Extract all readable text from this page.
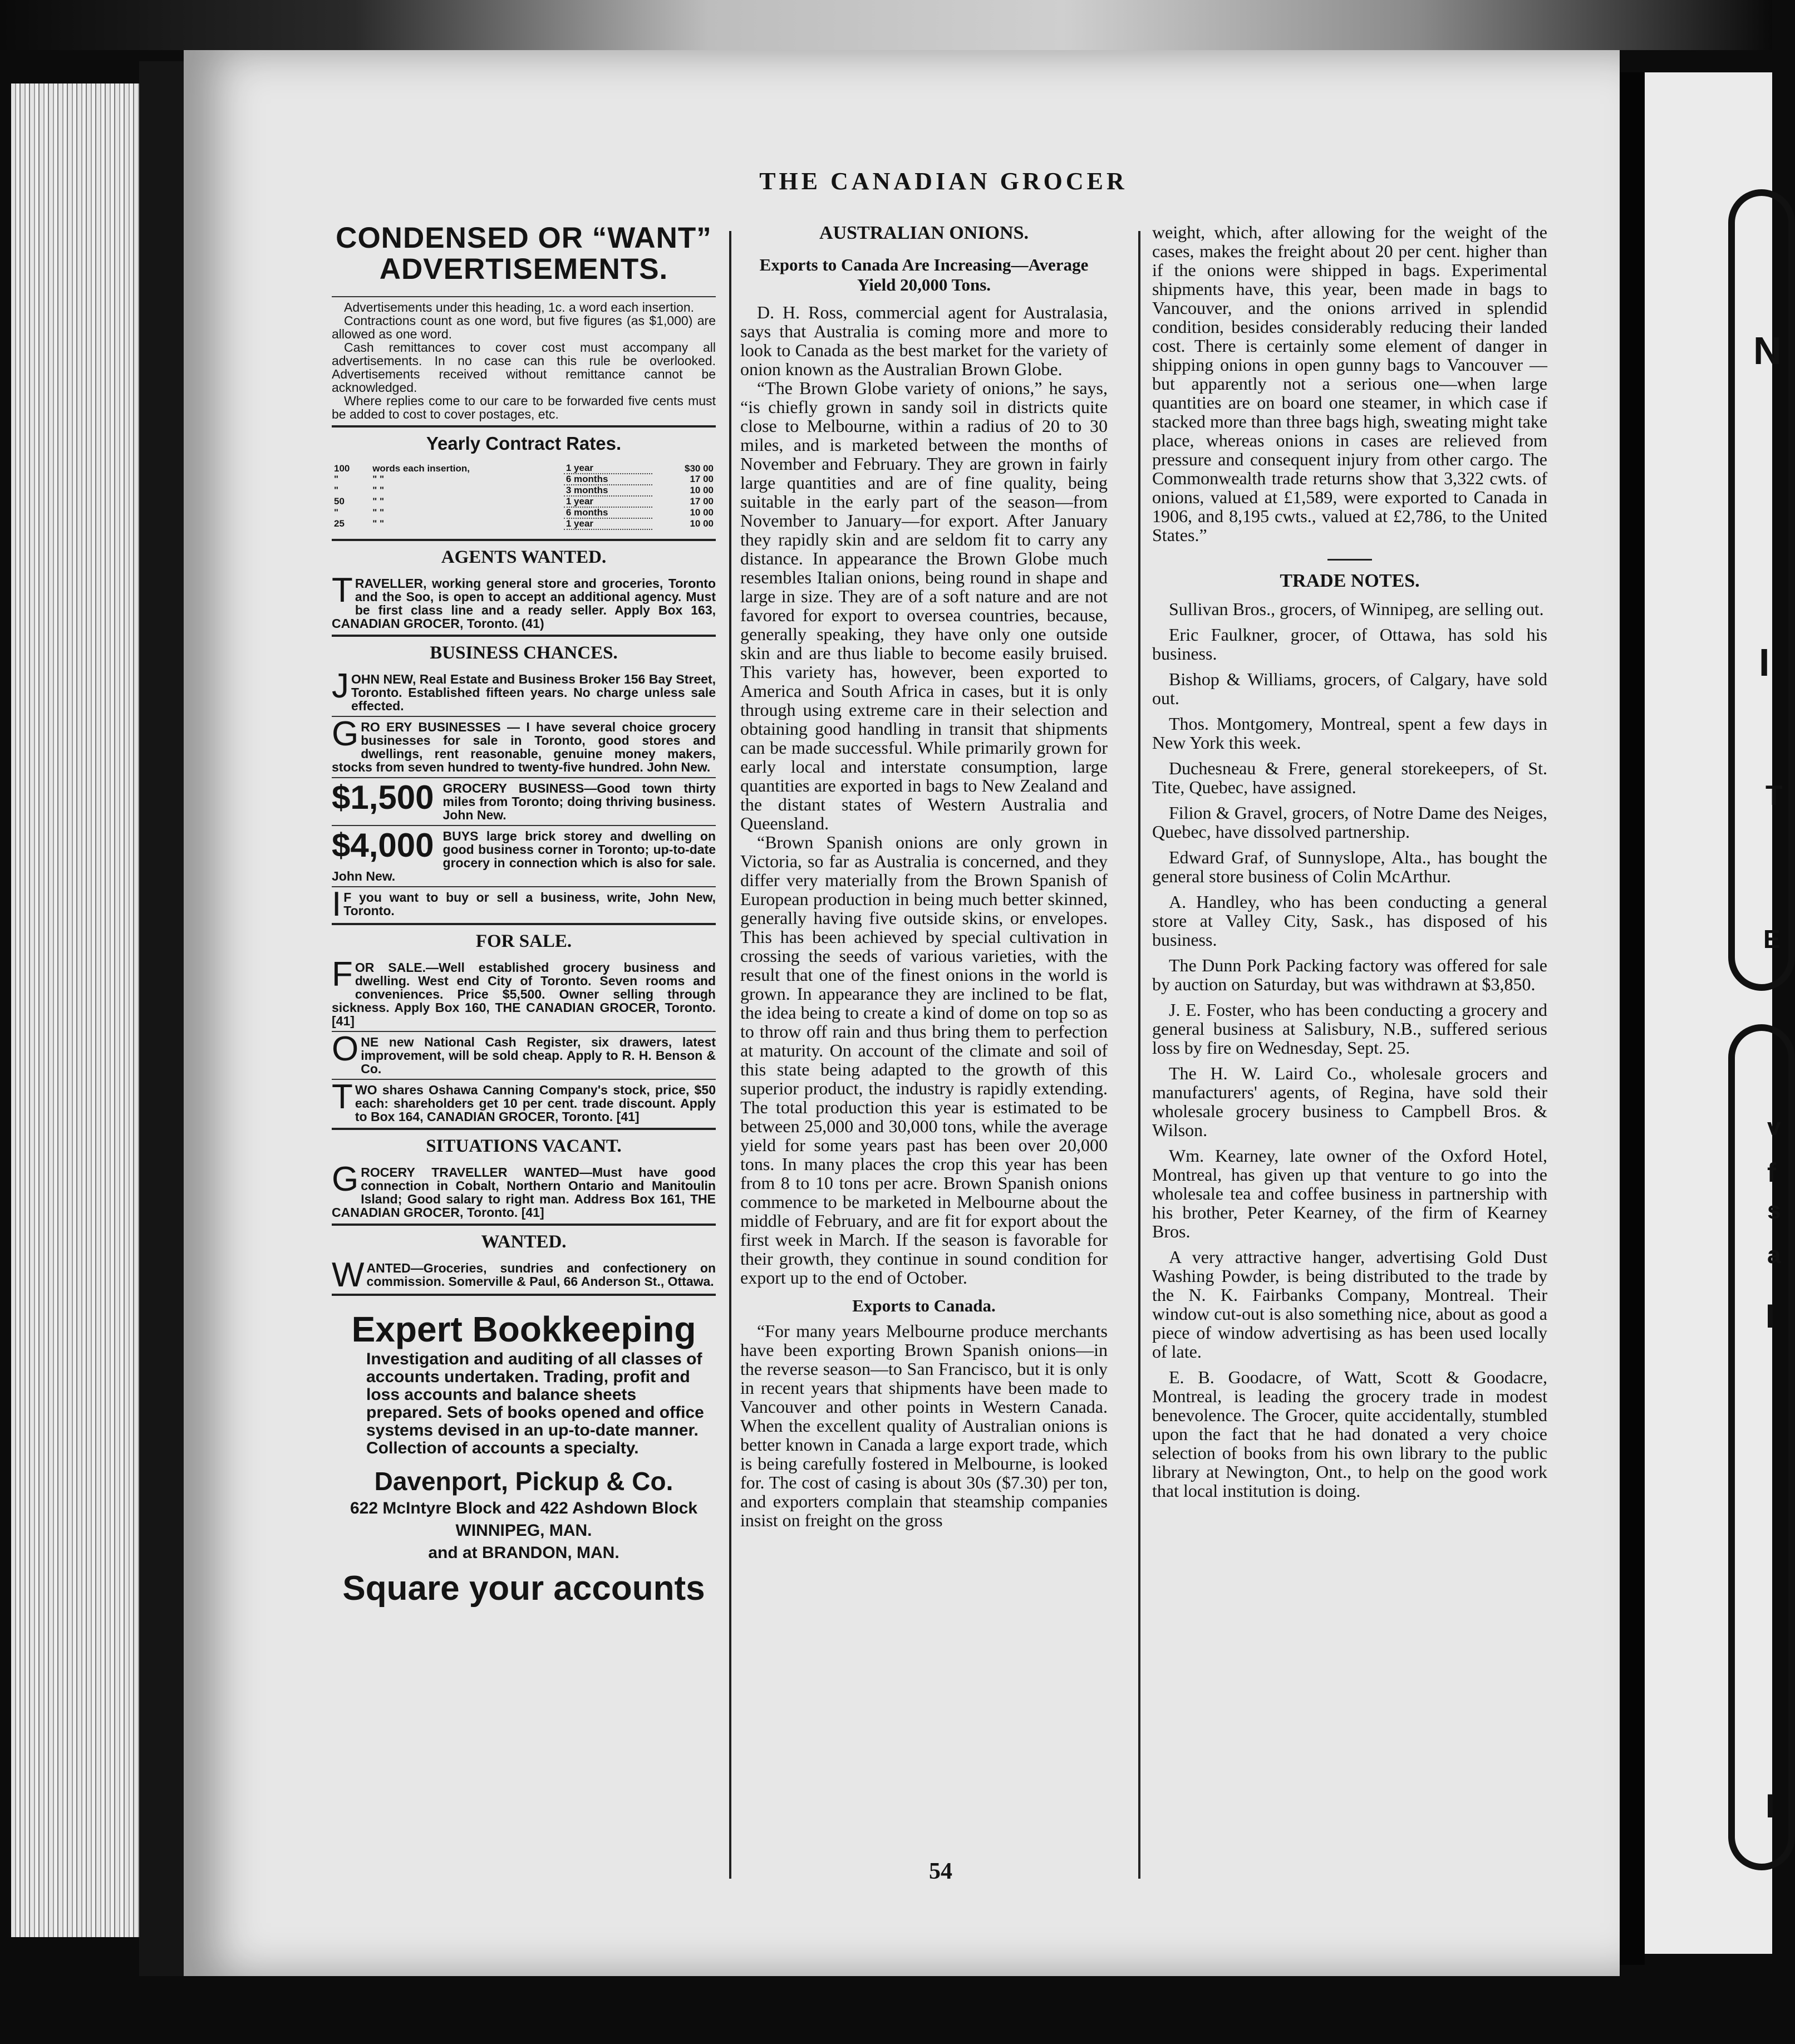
N
I
T
E
v
f
s
a
I
I
THE CANADIAN GROCER
54
CONDENSED OR “WANT”
ADVERTISEMENTS.

Advertisements under this heading, 1c. a word each insertion.

Contractions count as one word, but five figures (as $1,000) are allowed as one word.

Cash remittances to cover cost must accompany all advertisements. In no case can this rule be overlooked. Advertisements received without remittance cannot be acknowledged.

Where replies come to our care to be forwarded five cents must be added to cost to cover postages, etc.

Yearly Contract Rates.
100	words each insertion,	1 year	$30 00
"	" "	6 months	17 00
"	" "	3 months	10 00
50	" "	1 year	17 00
"	" "	6 months	10 00
25	" "	1 year	10 00
AGENTS WANTED.
TRAVELLER, working general store and groceries, Toronto and the Soo, is open to accept an additional agency. Must be first class line and a ready seller. Apply Box 163, CANADIAN GROCER, Toronto. (41)
BUSINESS CHANCES.
JOHN NEW, Real Estate and Business Broker 156 Bay Street, Toronto. Established fifteen years. No charge unless sale effected.
GRO ERY BUSINESSES — I have several choice grocery businesses for sale in Toronto, good stores and dwellings, rent reasonable, genuine money makers, stocks from seven hundred to twenty-five hundred. John New.
$1,500 GROCERY BUSINESS—Good town thirty miles from Toronto; doing thriving business. John New.
$4,000 BUYS large brick storey and dwelling on good business corner in Toronto; up-to-date grocery in connection which is also for sale. John New.
I F you want to buy or sell a business, write, John New, Toronto.
FOR SALE.
FOR SALE.—Well established grocery business and dwelling. West end City of Toronto. Seven rooms and conveniences. Price $5,500. Owner selling through sickness. Apply Box 160, THE CANADIAN GROCER, Toronto. [41]
ONE new National Cash Register, six drawers, latest improvement, will be sold cheap. Apply to R. H. Benson & Co.
TWO shares Oshawa Canning Company's stock, price, $50 each: shareholders get 10 per cent. trade discount. Apply to Box 164, CANADIAN GROCER, Toronto. [41]
SITUATIONS VACANT.
GROCERY TRAVELLER WANTED—Must have good connection in Cobalt, Northern Ontario and Manitoulin Island; Good salary to right man. Address Box 161, THE CANADIAN GROCER, Toronto. [41]
WANTED.
WANTED—Groceries, sundries and confectionery on commission. Somerville & Paul, 66 Anderson St., Ottawa.
Expert Bookkeeping
Investigation and auditing of all classes of accounts undertaken. Trading, profit and loss accounts and balance sheets prepared. Sets of books opened and office systems devised in an up-to-date manner. Collection of accounts a specialty.
Davenport, Pickup & Co.
622 McIntyre Block and 422 Ashdown Block
WINNIPEG, MAN.
and at BRANDON, MAN.
Square your accounts
AUSTRALIAN ONIONS.
Exports to Canada Are Increasing—Average Yield 20,000 Tons.

D. H. Ross, commercial agent for Australasia, says that Australia is coming more and more to look to Canada as the best market for the variety of onion known as the Australian Brown Globe.

“The Brown Globe variety of onions,” he says, “is chiefly grown in sandy soil in districts quite close to Melbourne, within a radius of 20 to 30 miles, and is marketed between the months of November and February. They are grown in fairly large quantities and are of fine quality, being suitable in the early part of the season—from November to January—for export. After January they rapidly skin and are seldom fit to carry any distance. In appearance the Brown Globe much resembles Italian onions, being round in shape and large in size. They are of a soft nature and are not favored for export to oversea countries, because, generally speaking, they have only one outside skin and are thus liable to become easily bruised. This variety has, however, been exported to America and South Africa in cases, but it is only through using extreme care in their selection and obtaining good handling in transit that shipments can be made successful. While primarily grown for early local and interstate consumption, large quantities are exported in bags to New Zealand and the distant states of Western Australia and Queensland.

“Brown Spanish onions are only grown in Victoria, so far as Australia is concerned, and they differ very materially from the Brown Spanish of European production in being much better skinned, generally having five outside skins, or envelopes. This has been achieved by special cultivation in crossing the seeds of various varieties, with the result that one of the finest onions in the world is grown. In appearance they are inclined to be flat, the idea being to create a kind of dome on top so as to throw off rain and thus bring them to perfection at maturity. On account of the climate and soil of this state being adapted to the growth of this superior product, the industry is rapidly extending. The total production this year is estimated to be between 25,000 and 30,000 tons, while the average yield for some years past has been over 20,000 tons. In many places the crop this year has been from 8 to 10 tons per acre. Brown Spanish onions commence to be marketed in Melbourne about the middle of February, and are fit for export about the first week in March. If the season is favorable for their growth, they continue in sound condition for export up to the end of October.

Exports to Canada.

“For many years Melbourne produce merchants have been exporting Brown Spanish onions—in the reverse season—to San Francisco, but it is only in recent years that shipments have been made to Vancouver and other points in Western Canada. When the excellent quality of Australian onions is better known in Canada a large export trade, which is being carefully fostered in Melbourne, is looked for. The cost of casing is about 30s ($7.30) per ton, and exporters complain that steamship companies insist on freight on the gross

weight, which, after allowing for the weight of the cases, makes the freight about 20 per cent. higher than if the onions were shipped in bags. Experimental shipments have, this year, been made in bags to Vancouver, and the onions arrived in splendid condition, besides considerably reducing their landed cost. There is certainly some element of danger in shipping onions in open gunny bags to Vancouver — but apparently not a serious one—when large quantities are on board one steamer, in which case if stacked more than three bags high, sweating might take place, whereas onions in cases are relieved from pressure and consequent injury from other cargo. The Commonwealth trade returns show that 3,322 cwts. of onions, valued at £1,589, were exported to Canada in 1906, and 8,195 cwts., valued at £2,786, to the United States.”

TRADE NOTES.

Sullivan Bros., grocers, of Winnipeg, are selling out.

Eric Faulkner, grocer, of Ottawa, has sold his business.

Bishop & Williams, grocers, of Calgary, have sold out.

Thos. Montgomery, Montreal, spent a few days in New York this week.

Duchesneau & Frere, general storekeepers, of St. Tite, Quebec, have assigned.

Filion & Gravel, grocers, of Notre Dame des Neiges, Quebec, have dissolved partnership.

Edward Graf, of Sunnyslope, Alta., has bought the general store business of Colin McArthur.

A. Handley, who has been conducting a general store at Valley City, Sask., has disposed of his business.

The Dunn Pork Packing factory was offered for sale by auction on Saturday, but was withdrawn at $3,850.

J. E. Foster, who has been conducting a grocery and general business at Salisbury, N.B., suffered serious loss by fire on Wednesday, Sept. 25.

The H. W. Laird Co., wholesale grocers and manufacturers' agents, of Regina, have sold their wholesale grocery business to Campbell Bros. & Wilson.

Wm. Kearney, late owner of the Oxford Hotel, Montreal, has given up that venture to go into the wholesale tea and coffee business in partnership with his brother, Peter Kearney, of the firm of Kearney Bros.

A very attractive hanger, advertising Gold Dust Washing Powder, is being distributed to the trade by the N. K. Fairbanks Company, Montreal. Their window cut-out is also something nice, about as good a piece of window advertising as has been used locally of late.

E. B. Goodacre, of Watt, Scott & Goodacre, Montreal, is leading the grocery trade in modest benevolence. The Grocer, quite accidentally, stumbled upon the fact that he had donated a very choice selection of books from his own library to the public library at Newington, Ont., to help on the good work that local institution is doing.
